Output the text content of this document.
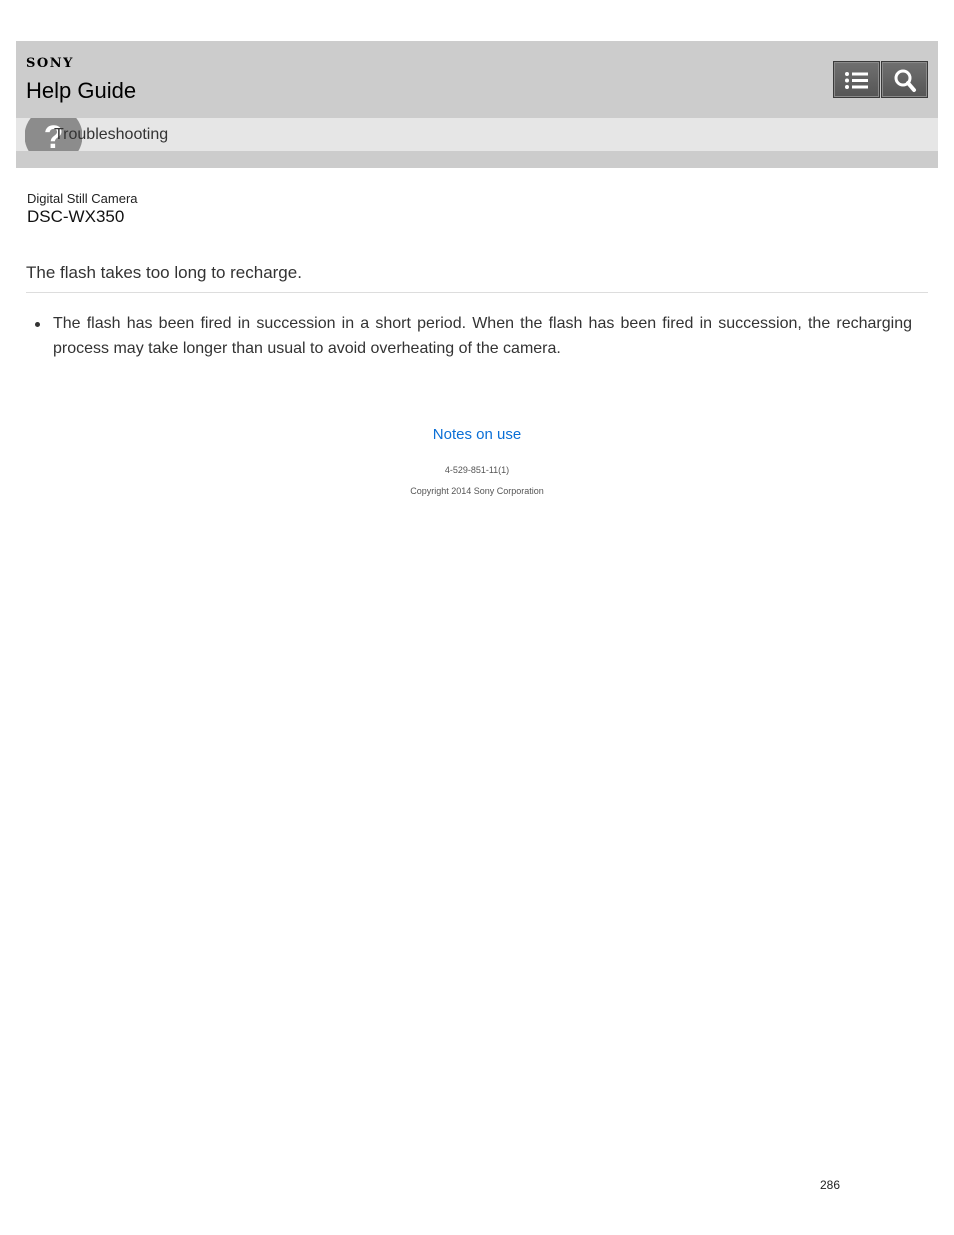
SONY
Help Guide
?
Troubleshooting
Digital Still Camera
DSC-WX350
The flash takes too long to recharge.
The flash has been fired in succession in a short period. When the flash has been fired in succession, the recharging process may take longer than usual to avoid overheating of the camera.
Notes on use
4-529-851-11(1)
Copyright 2014 Sony Corporation
286
